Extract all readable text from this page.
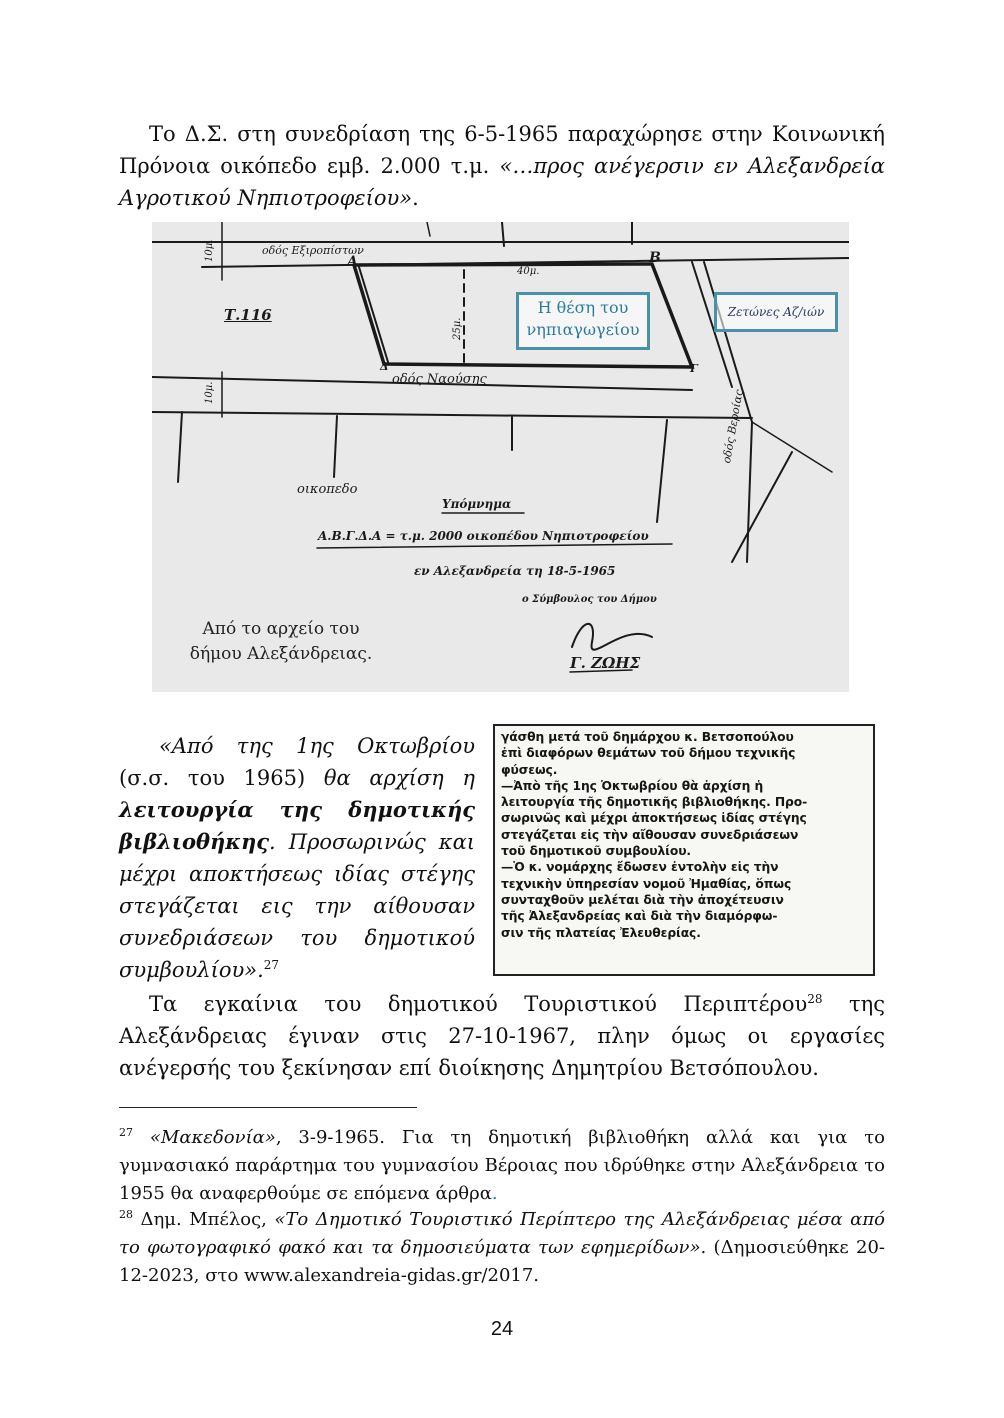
Το Δ.Σ. στη συνεδρίαση της 6-5-1965 παραχώρησε στην Κοινωνική Πρόνοια οικόπεδο εμβ. 2.000 τ.μ. «…προς ανέγερσιν εν Αλεξανδρεία Αγροτικού Νηπιοτροφείου».
οδός Εξιροπίστων
Α	Β
Γ
Δ
Τ.116
οδός Ναούσης
οδός Βεροίας
10μ.
10μ.
25μ.
40μ.
οικοπεδο
Υπόμνημα
Α.Β.Γ.Δ.Α = τ.μ. 2000 οικοπέδου Νηπιοτροφείου
εν Αλεξανδρεία τη 18-5-1965
ο Σύμβουλος του Δήμου
Γ. ΖΩΗΣ
Η θέση του
νηπιαγωγείου
Ζετώνες Αζ/ιών
Από το αρχείο του
δήμου Αλεξάνδρειας.
«Από της 1ης Οκτωβρίου (σ.σ. του 1965) θα αρχίση η λειτουργία της δημοτικής βιβλιοθήκης. Προσωρινώς και μέχρι αποκτήσεως ιδίας στέγης στεγάζεται εις την αίθουσαν συνεδριάσεων του δημοτικού συμβουλίου».$^{27}$
γάσθη μετά τοῦ δημάρχου κ. Βετσοπούλου
ἐπὶ διαφόρων θεμάτων τοῦ δήμου τεχνικῆς
φύσεως.
—Ἀπὸ τῆς 1ης Ὀκτωβρίου θὰ ἀρχίση ἡ
λειτουργία τῆς δημοτικῆς βιβλιοθήκης. Προ-
σωρινῶς καὶ μέχρι ἀποκτήσεως ἰδίας στέγης
στεγάζεται εἰς τὴν αἴθουσαν συνεδριάσεων
τοῦ δημοτικοῦ συμβουλίου.
—Ὁ κ. νομάρχης ἔδωσεν ἐντολὴν εἰς τὴν
τεχνικὴν ὑπηρεσίαν νομοῦ Ἠμαθίας, ὅπως
συνταχθοῦν μελέται διὰ τὴν ἀποχέτευσιν
τῆς Ἀλεξανδρείας καὶ διὰ τὴν διαμόρφω-
σιν τῆς πλατείας Ἐλευθερίας.
Τα εγκαίνια του δημοτικού Τουριστικού Περιπτέρου$^{28}$ της Αλεξάνδρειας έγιναν στις 27-10-1967, πλην όμως οι εργασίες ανέγερσής του ξεκίνησαν επί διοίκησης Δημητρίου Βετσόπουλου.
$^{27}$ «Μακεδονία», 3-9-1965. Για τη δημοτική βιβλιοθήκη αλλά και για το γυμνασιακό παράρτημα του γυμνασίου Βέροιας που ιδρύθηκε στην Αλεξάνδρεια το 1955 θα αναφερθούμε σε επόμενα άρθρα.
$^{28}$ Δημ. Μπέλος, «Το Δημοτικό Τουριστικό Περίπτερο της Αλεξάνδρειας μέσα από το φωτογραφικό φακό και τα δημοσιεύματα των εφημερίδων». (Δημοσιεύθηκε 20-12-2023, στο www.alexandreia-gidas.gr/2017.
24
